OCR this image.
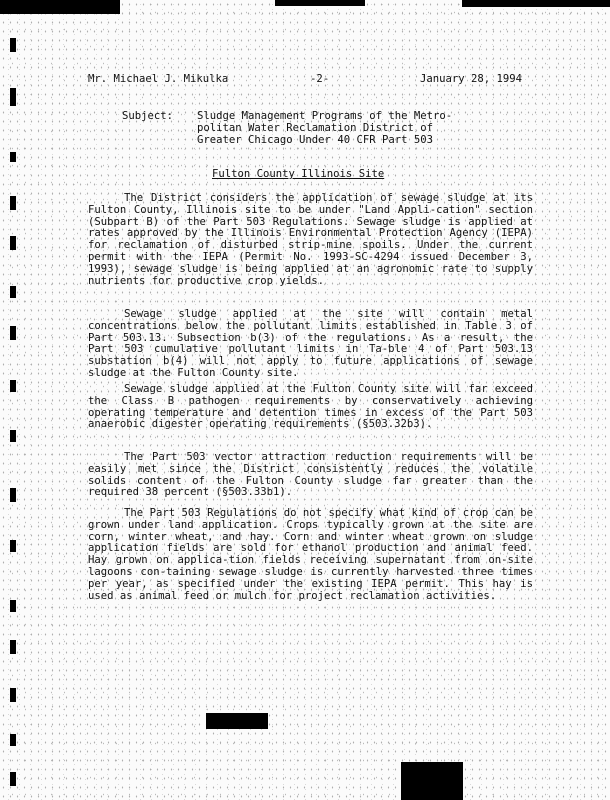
Mr. Michael J. Mikulka	-2-	January 28, 1994
Subject: Sludge Management Programs of the Metro-
politan Water Reclamation District of
Greater Chicago Under 40 CFR Part 503
Fulton County Illinois Site
The District considers the application of sewage sludge at its Fulton County, Illinois site to be under "Land Appli-cation" section (Subpart B) of the Part 503 Regulations. Sewage sludge is applied at rates approved by the Illinois Environmental Protection Agency (IEPA) for reclamation of disturbed strip-mine spoils. Under the current permit with the IEPA (Permit No. 1993-SC-4294 issued December 3, 1993), sewage sludge is being applied at an agronomic rate to supply nutrients for productive crop yields.
Sewage sludge applied at the site will contain metal concentrations below the pollutant limits established in Table 3 of Part 503.13. Subsection b(3) of the regulations. As a result, the Part 503 cumulative pollutant limits in Ta-ble 4 of Part 503.13 substation b(4) will not apply to future applications of sewage sludge at the Fulton County site.
Sewage sludge applied at the Fulton County site will far exceed the Class B pathogen requirements by conservatively achieving operating temperature and detention times in excess of the Part 503 anaerobic digester operating requirements (§503.32b3).
The Part 503 vector attraction reduction requirements will be easily met since the District consistently reduces the volatile solids content of the Fulton County sludge far greater than the required 38 percent (§503.33b1).
The Part 503 Regulations do not specify what kind of crop can be grown under land application. Crops typically grown at the site are corn, winter wheat, and hay. Corn and winter wheat grown on sludge application fields are sold for ethanol production and animal feed. Hay grown on applica-tion fields receiving supernatant from on-site lagoons con-taining sewage sludge is currently harvested three times per year, as specified under the existing IEPA permit. This hay is used as animal feed or mulch for project reclamation activities.
